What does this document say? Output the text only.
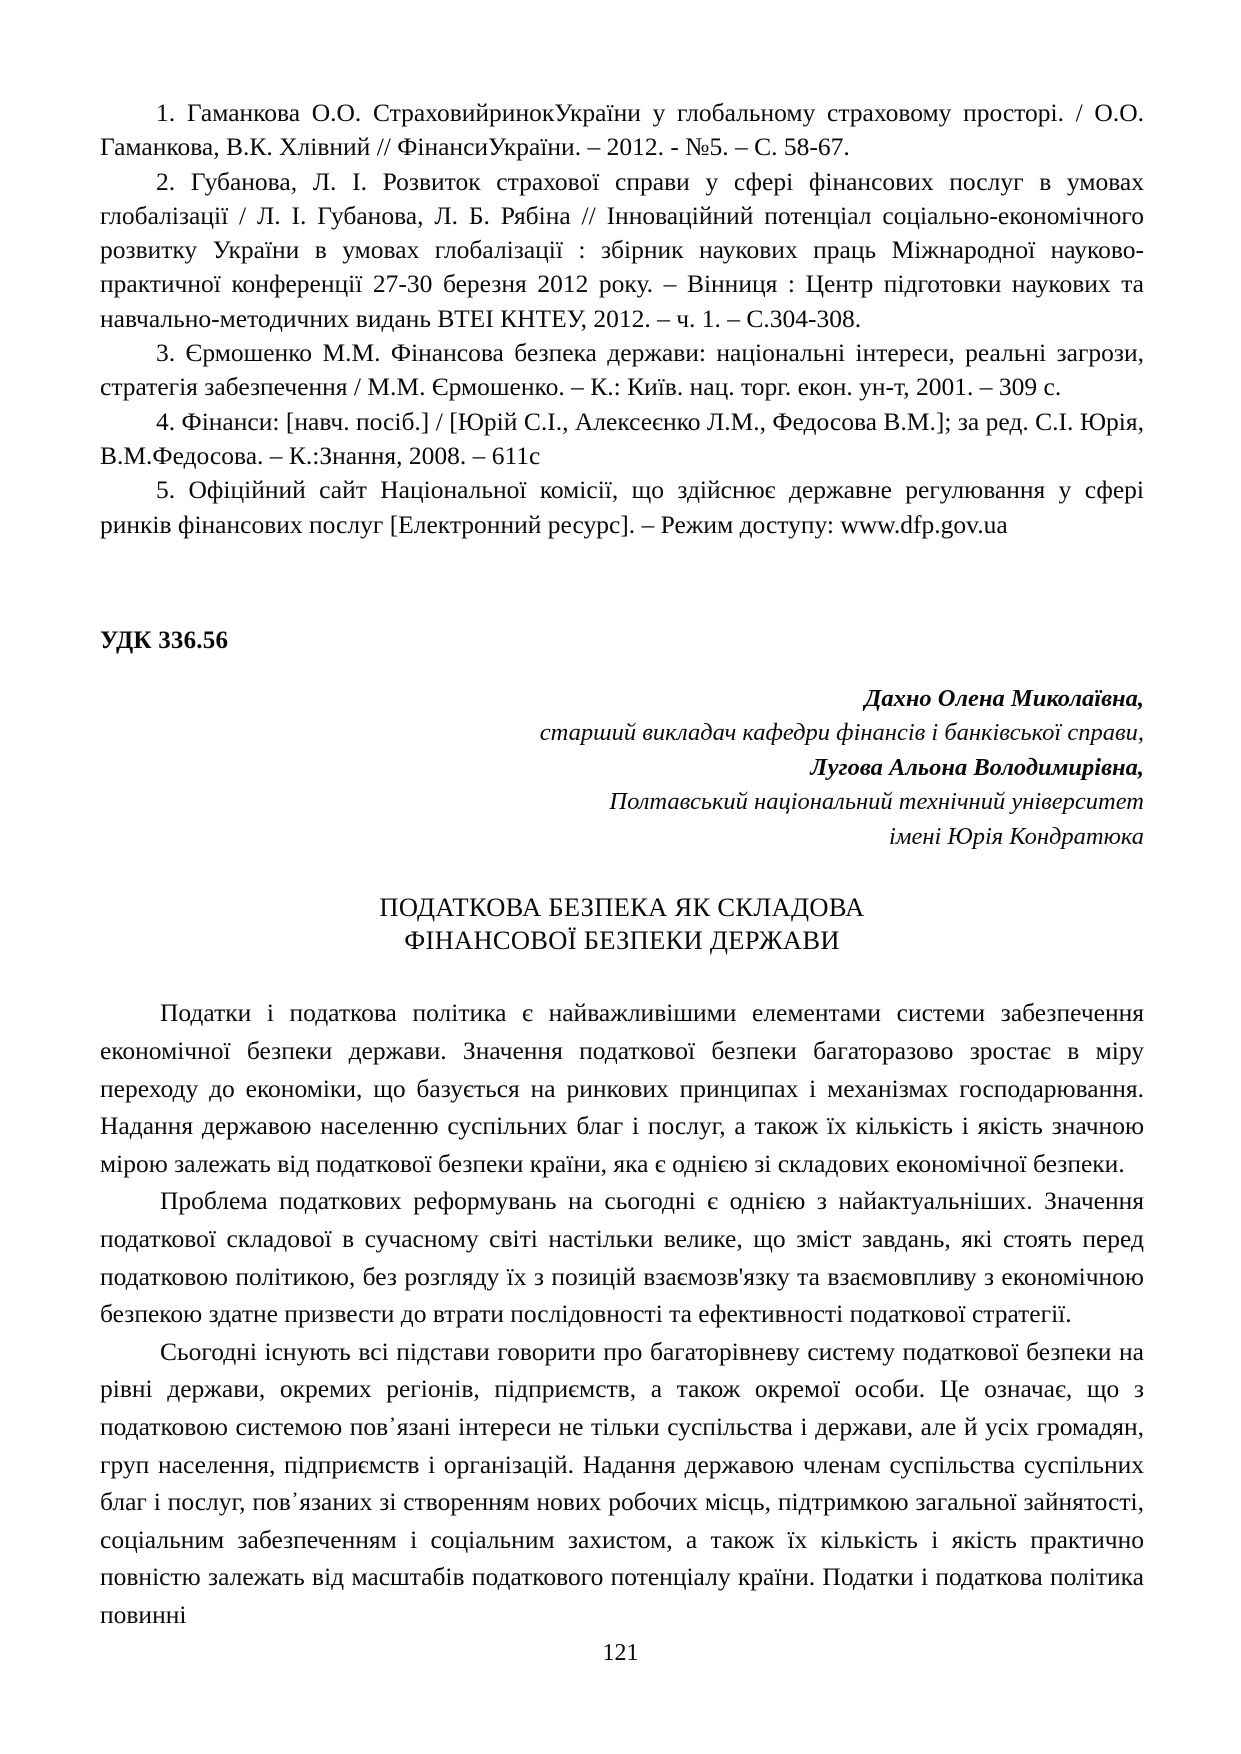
1. Гаманкова О.О. СтраховийринокУкраїни у глобальному страховому просторі. / О.О. Гаманкова, В.К. Хлівний // ФінансиУкраїни. – 2012. - №5. – С. 58-67.

2. Губанова, Л. І. Розвиток страхової справи у сфері фінансових послуг в умовах глобалізації / Л. І. Губанова, Л. Б. Рябіна // Інноваційний потенціал соціально-економічного розвитку України в умовах глобалізації : збірник наукових праць Міжнародної науково-практичної конференції 27-30 березня 2012 року. – Вінниця : Центр підготовки наукових та навчально-методичних видань ВТЕІ КНТЕУ, 2012. – ч. 1. – С.304-308.

3. Єрмошенко М.М. Фінансова безпека держави: національні інтереси, реальні загрози, стратегія забезпечення / М.М. Єрмошенко. – К.: Київ. нац. торг. екон. ун-т, 2001. – 309 с.

4. Фінанси: [навч. посіб.] / [Юрій С.І., Алексеєнко Л.М., Федосова В.М.]; за ред. С.І. Юрія, В.М.Федосова. – К.:Знання, 2008. – 611с

5. Офіційний сайт Національної комісії, що здійснює державне регулювання у сфері ринків фінансових послуг [Електронний ресурс]. – Режим доступу: www.dfp.gov.ua

УДК 336.56
Дахно Олена Миколаївна,
старший викладач кафедри фінансів і банківської справи,
Лугова Альона Володимирівна,
Полтавський національний технічний університет
імені Юрія Кондратюка
ПОДАТКОВА БЕЗПЕКА ЯК СКЛАДОВА
ФІНАНСОВОЇ БЕЗПЕКИ ДЕРЖАВИ

Податки і податкова політика є найважливішими елементами системи забезпечення економічної безпеки держави. Значення податкової безпеки багаторазово зростає в міру переходу до економіки, що базується на ринкових принципах і механізмах господарювання. Надання державою населенню суспільних благ і послуг, а також їх кількість і якість значною мірою залежать від податкової безпеки країни, яка є однією зі складових економічної безпеки.

Проблема податкових реформувань на сьогодні є однією з найактуальніших. Значення податкової складової в сучасному світі настільки велике, що зміст завдань, які стоять перед податковою політикою, без розгляду їх з позицій взаємозв'язку та взаємовпливу з економічною безпекою здатне призвести до втрати послідовності та ефективності податкової стратегії.

Сьогодні існують всі підстави говорити про багаторівневу систему податкової безпеки на рівні держави, окремих регіонів, підприємств, а також окремої особи. Це означає, що з податковою системою пов᾽язані інтереси не тільки суспільства і держави, але й усіх громадян, груп населення, підприємств і організацій. Надання державою членам суспільства суспільних благ і послуг, пов᾽язаних зі створенням нових робочих місць, підтримкою загальної зайнятості, соціальним забезпеченням і соціальним захистом, а також їх кількість і якість практично повністю залежать від масштабів податкового потенціалу країни. Податки і податкова політика повинні

121
